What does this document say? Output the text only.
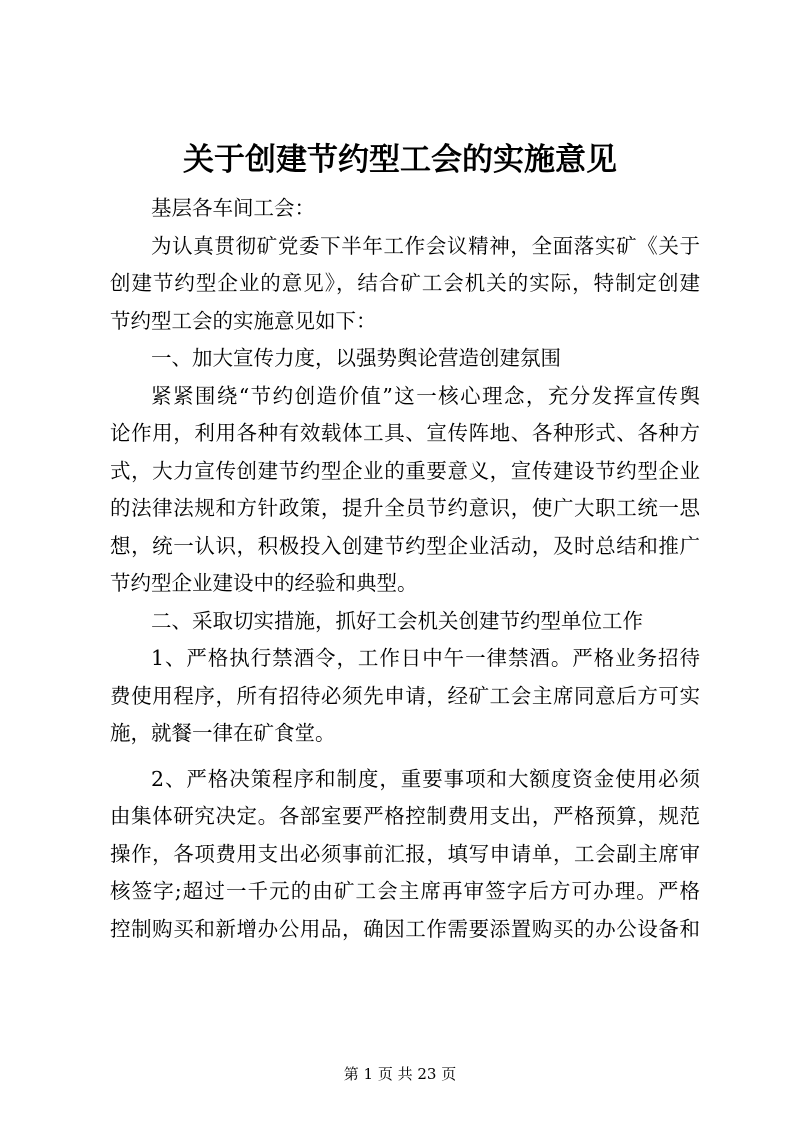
关于创建节约型工会的实施意见
基层各车间工会：
为认真贯彻矿党委下半年工作会议精神，全面落实矿《关于
创建节约型企业的意见》，结合矿工会机关的实际，特制定创建
节约型工会的实施意见如下：
一、加大宣传力度，以强势舆论营造创建氛围
紧紧围绕“节约创造价值”这一核心理念，充分发挥宣传舆
论作用，利用各种有效载体工具、宣传阵地、各种形式、各种方
式，大力宣传创建节约型企业的重要意义，宣传建设节约型企业
的法律法规和方针政策，提升全员节约意识，使广大职工统一思
想，统一认识，积极投入创建节约型企业活动，及时总结和推广
节约型企业建设中的经验和典型。
二、采取切实措施，抓好工会机关创建节约型单位工作
1、严格执行禁酒令，工作日中午一律禁酒。严格业务招待
费使用程序，所有招待必须先申请，经矿工会主席同意后方可实
施，就餐一律在矿食堂。
2、严格决策程序和制度，重要事项和大额度资金使用必须
由集体研究决定。各部室要严格控制费用支出，严格预算，规范
操作，各项费用支出必须事前汇报，填写申请单，工会副主席审
核签字;超过一千元的由矿工会主席再审签字后方可办理。严格
控制购买和新增办公用品，确因工作需要添置购买的办公设备和
第 1 页 共 23 页
